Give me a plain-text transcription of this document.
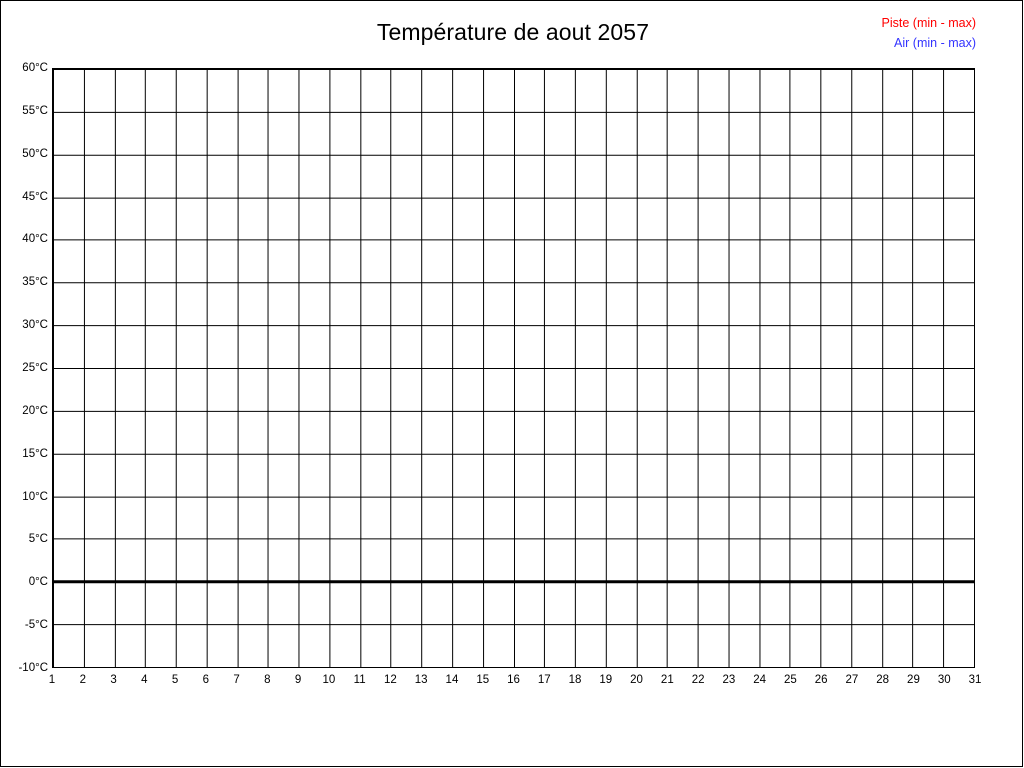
Température de aout 2057	Piste (min - max)
Air (min - max)
-10°C
-5°C
0°C
5°C
10°C
15°C
20°C
25°C
30°C
35°C
40°C
45°C
50°C
55°C
60°C
1 2 3 4 5 6 7 8 9 10 11 12 13 14 15 16 17 18 19 20 21 22 23 24 25 26 27 28 29 30 31
